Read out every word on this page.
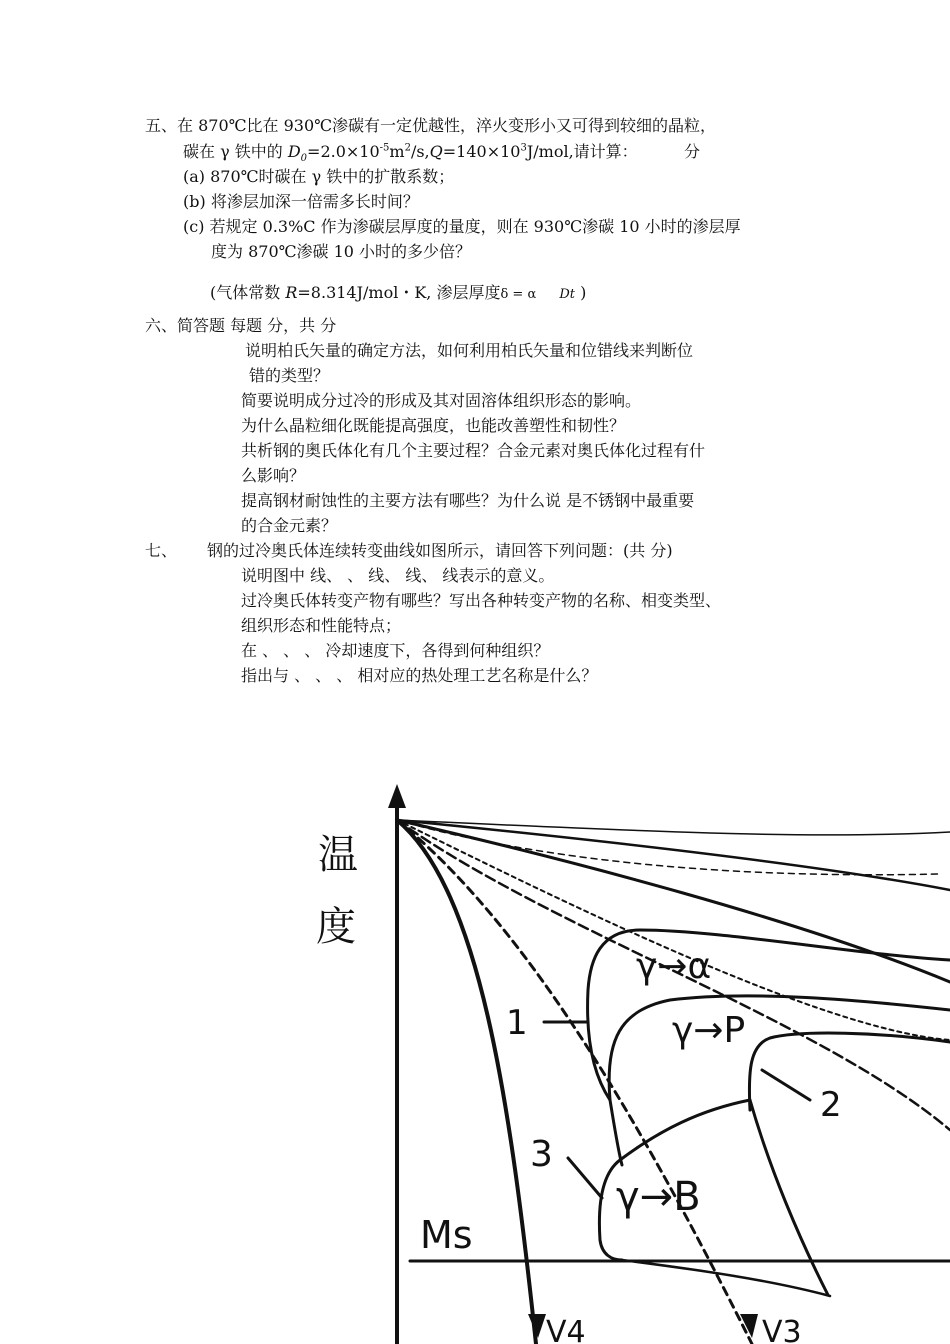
五、在 870℃比在 930℃渗碳有一定优越性，淬火变形小又可得到较细的晶粒，
碳在 γ 铁中的 $D_0=2.0\times 10^{-5}m^2/s,Q=140\times 10^3J$/mol,请计算：	分
(a) 870℃时碳在 γ 铁中的扩散系数；
(b) 将渗层加深一倍需多长时间？
(c) 若规定 0.3%C 作为渗碳层厚度的量度，则在 930℃渗碳 10 小时的渗层厚
度为 870℃渗碳 10 小时的多少倍？
(气体常数 R=8.314J/mol・K, 渗层厚度δ = α Dt )
六、简答题 每题 分，共 分
说明柏氏矢量的确定方法，如何利用柏氏矢量和位错线来判断位
错的类型？
简要说明成分过冷的形成及其对固溶体组织形态的影响。
为什么晶粒细化既能提高强度，也能改善塑性和韧性？
共析钢的奥氏体化有几个主要过程？合金元素对奥氏体化过程有什
么影响？
提高钢材耐蚀性的主要方法有哪些？为什么说 是不锈钢中最重要
的合金元素？
七、 钢的过冷奥氏体连续转变曲线如图所示，请回答下列问题：(共 分)
说明图中 线、 、 线、 线、 线表示的意义。
过冷奥氏体转变产物有哪些？写出各种转变产物的名称、相变类型、
组织形态和性能特点；
在 、 、 、 冷却速度下，各得到何种组织？
指出与 、 、 、 相对应的热处理工艺名称是什么？
温
度
1
2
3
Ms
γ→α
γ→P
γ→B
V4	V3
